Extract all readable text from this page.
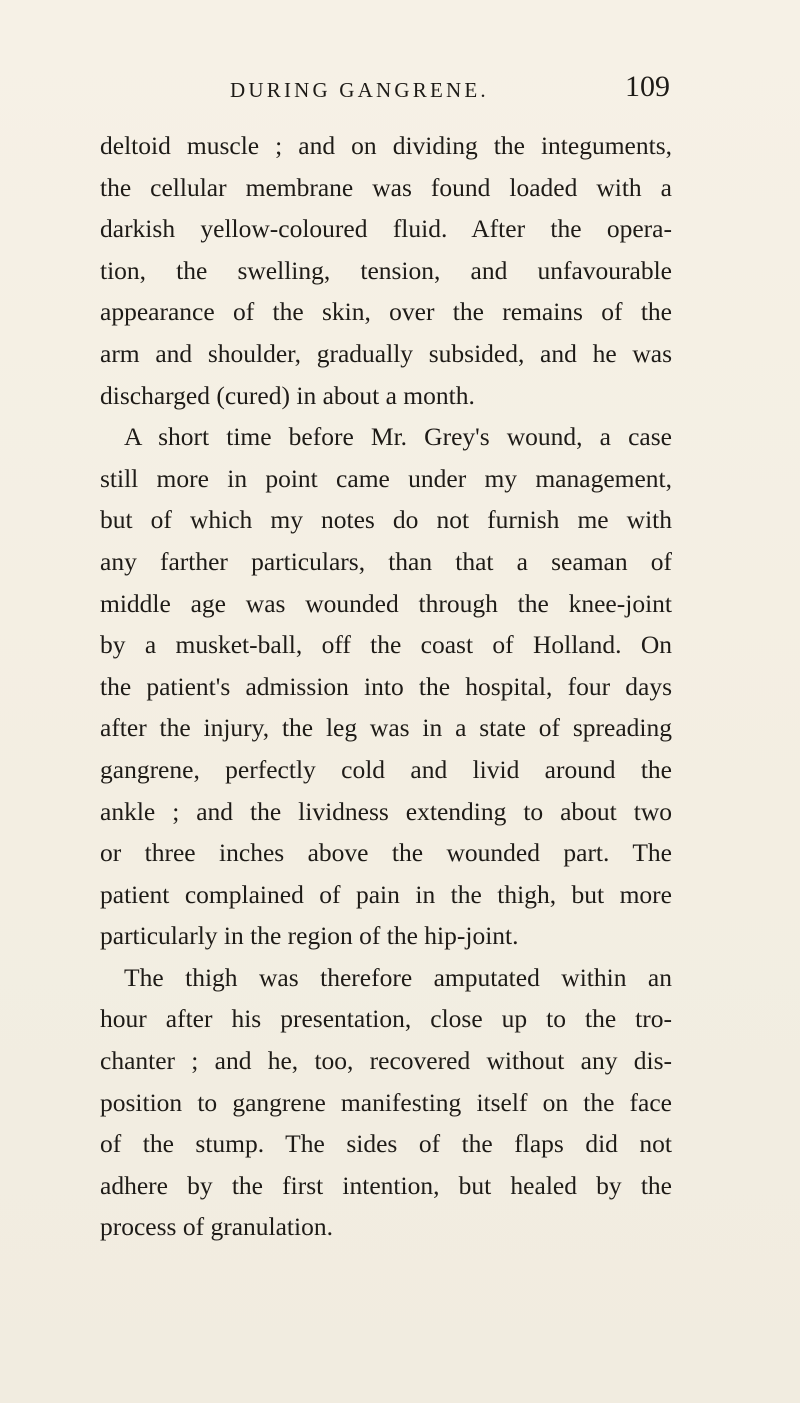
DURING GANGRENE.	109
deltoid muscle ; and on dividing the integuments,
the cellular membrane was found loaded with a
darkish yellow-coloured fluid. After the opera-
tion, the swelling, tension, and unfavourable
appearance of the skin, over the remains of the
arm and shoulder, gradually subsided, and he was
discharged (cured) in about a month.
A short time before Mr. Grey's wound, a case
still more in point came under my management,
but of which my notes do not furnish me with
any farther particulars, than that a seaman of
middle age was wounded through the knee-joint
by a musket-ball, off the coast of Holland. On
the patient's admission into the hospital, four days
after the injury, the leg was in a state of spreading
gangrene, perfectly cold and livid around the
ankle ; and the lividness extending to about two
or three inches above the wounded part. The
patient complained of pain in the thigh, but more
particularly in the region of the hip-joint.
The thigh was therefore amputated within an
hour after his presentation, close up to the tro-
chanter ; and he, too, recovered without any dis-
position to gangrene manifesting itself on the face
of the stump. The sides of the flaps did not
adhere by the first intention, but healed by the
process of granulation.
